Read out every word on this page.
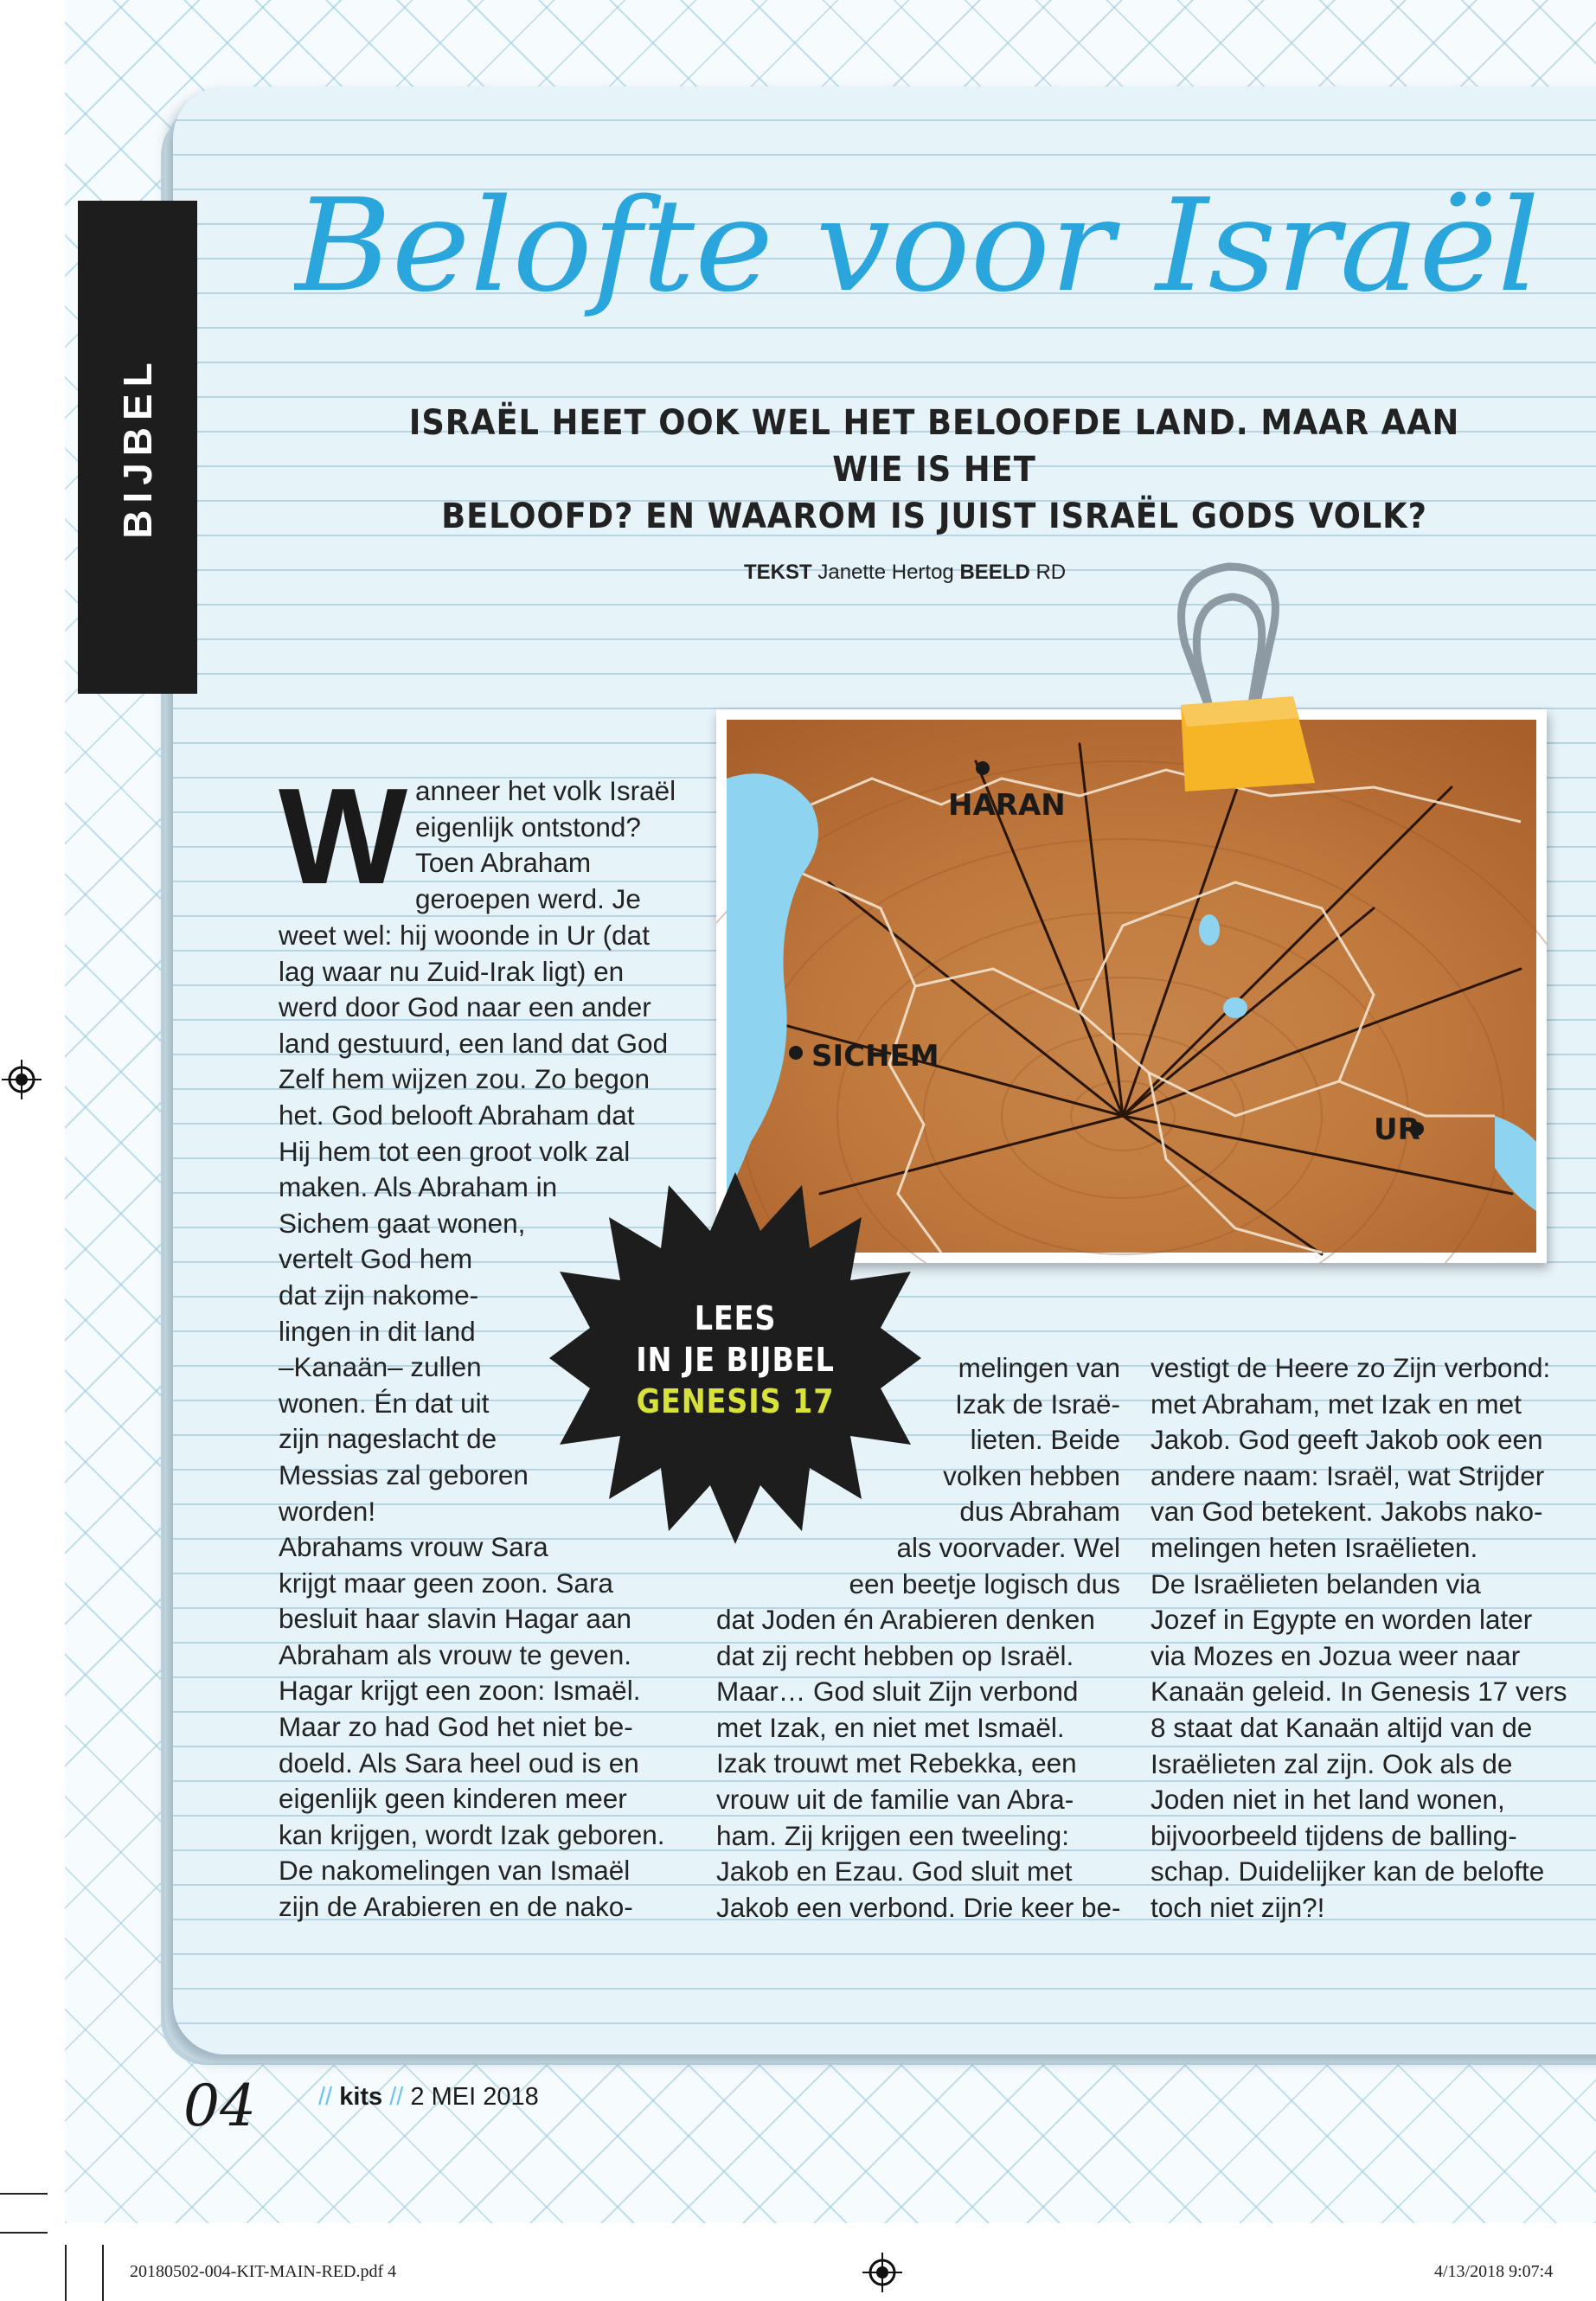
BIJBEL
Belofte voor Israël
ISRAËL HEET OOK WEL HET BELOOFDE LAND. MAAR AAN WIE IS HET
BELOOFD? EN WAAROM IS JUIST ISRAËL GODS VOLK?
TEKST Janette Hertog BEELD RD
HARAN
SICHEM
UR
W anneer het volk Israël
eigenlijk ontstond?
Toen Abraham
geroepen werd. Je
weet wel: hij woonde in Ur (dat
lag waar nu Zuid-Irak ligt) en
werd door God naar een ander
land gestuurd, een land dat God
Zelf hem wijzen zou. Zo begon
het. God belooft Abraham dat
Hij hem tot een groot volk zal
maken. Als Abraham in
Sichem gaat wonen,
vertelt God hem
dat zijn nakome-
lingen in dit land
–Kanaän– zullen
wonen. Én dat uit
zijn nageslacht de
Messias zal geboren
worden!
Abrahams vrouw Sara
krijgt maar geen zoon. Sara
besluit haar slavin Hagar aan
Abraham als vrouw te geven.
Hagar krijgt een zoon: Ismaël.
Maar zo had God het niet be-
doeld. Als Sara heel oud is en
eigenlijk geen kinderen meer
kan krijgen, wordt Izak geboren.
De nakomelingen van Ismaël
zijn de Arabieren en de nako-
melingen van
Izak de Israë-
lieten. Beide
volken hebben
dus Abraham
als voorvader. Wel
een beetje logisch dus
dat Joden én Arabieren denken
dat zij recht hebben op Israël.
Maar… God sluit Zijn verbond
met Izak, en niet met Ismaël.
Izak trouwt met Rebekka, een
vrouw uit de familie van Abra-
ham. Zij krijgen een tweeling:
Jakob en Ezau. God sluit met
Jakob een verbond. Drie keer be-
vestigt de Heere zo Zijn verbond:
met Abraham, met Izak en met
Jakob. God geeft Jakob ook een
andere naam: Israël, wat Strijder
van God betekent. Jakobs nako-
melingen heten Israëlieten.
De Israëlieten belanden via
Jozef in Egypte en worden later
via Mozes en Jozua weer naar
Kanaän geleid. In Genesis 17 vers
8 staat dat Kanaän altijd van de
Israëlieten zal zijn. Ook als de
Joden niet in het land wonen,
bijvoorbeeld tijdens de balling-
schap. Duidelijker kan de belofte
toch niet zijn?!
LEES
IN JE BIJBEL
GENESIS 17
04 // kits // 2 MEI 2018
20180502-004-KIT-MAIN-RED.pdf 4	4/13/2018 9:07:4
